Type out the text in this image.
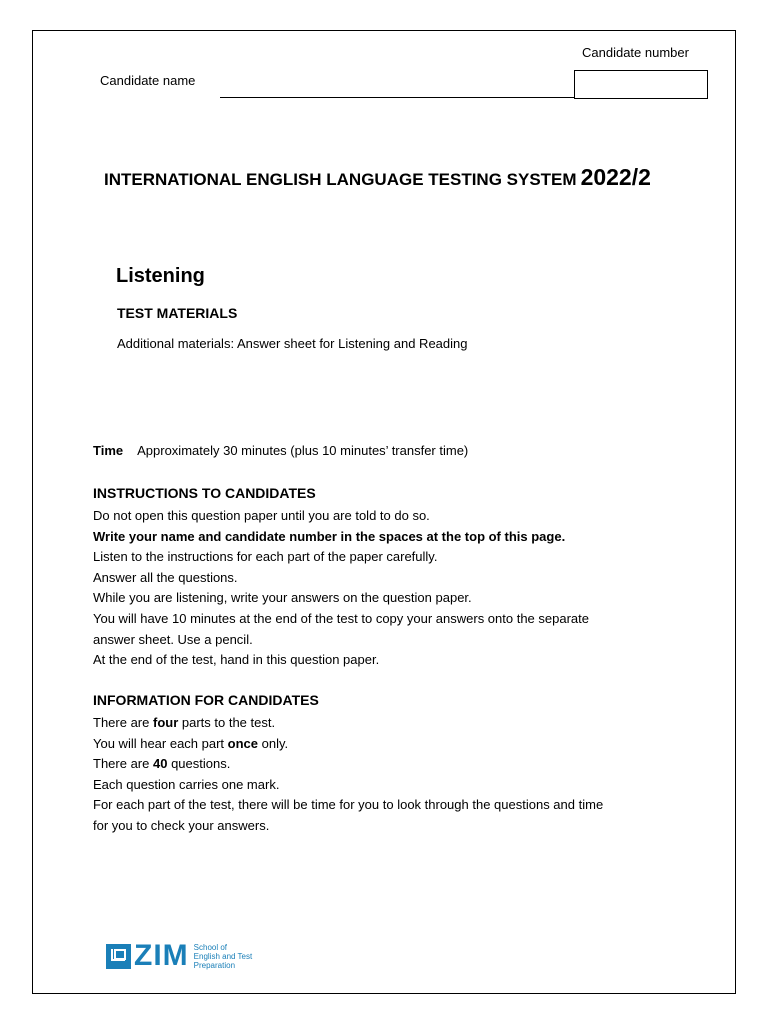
Candidate number
Candidate name
INTERNATIONAL ENGLISH LANGUAGE TESTING SYSTEM 2022/2
Listening
TEST MATERIALS
Additional materials: Answer sheet for Listening and Reading
Time Approximately 30 minutes (plus 10 minutes’ transfer time)
INSTRUCTIONS TO CANDIDATES
Do not open this question paper until you are told to do so.
Write your name and candidate number in the spaces at the top of this page.
Listen to the instructions for each part of the paper carefully.
Answer all the questions.
While you are listening, write your answers on the question paper.
You will have 10 minutes at the end of the test to copy your answers onto the separate
answer sheet. Use a pencil.
At the end of the test, hand in this question paper.
INFORMATION FOR CANDIDATES
There are four parts to the test.
You will hear each part once only.
There are 40 questions.
Each question carries one mark.
For each part of the test, there will be time for you to look through the questions and time
for you to check your answers.
ZIM School of
English and Test
Preparation
